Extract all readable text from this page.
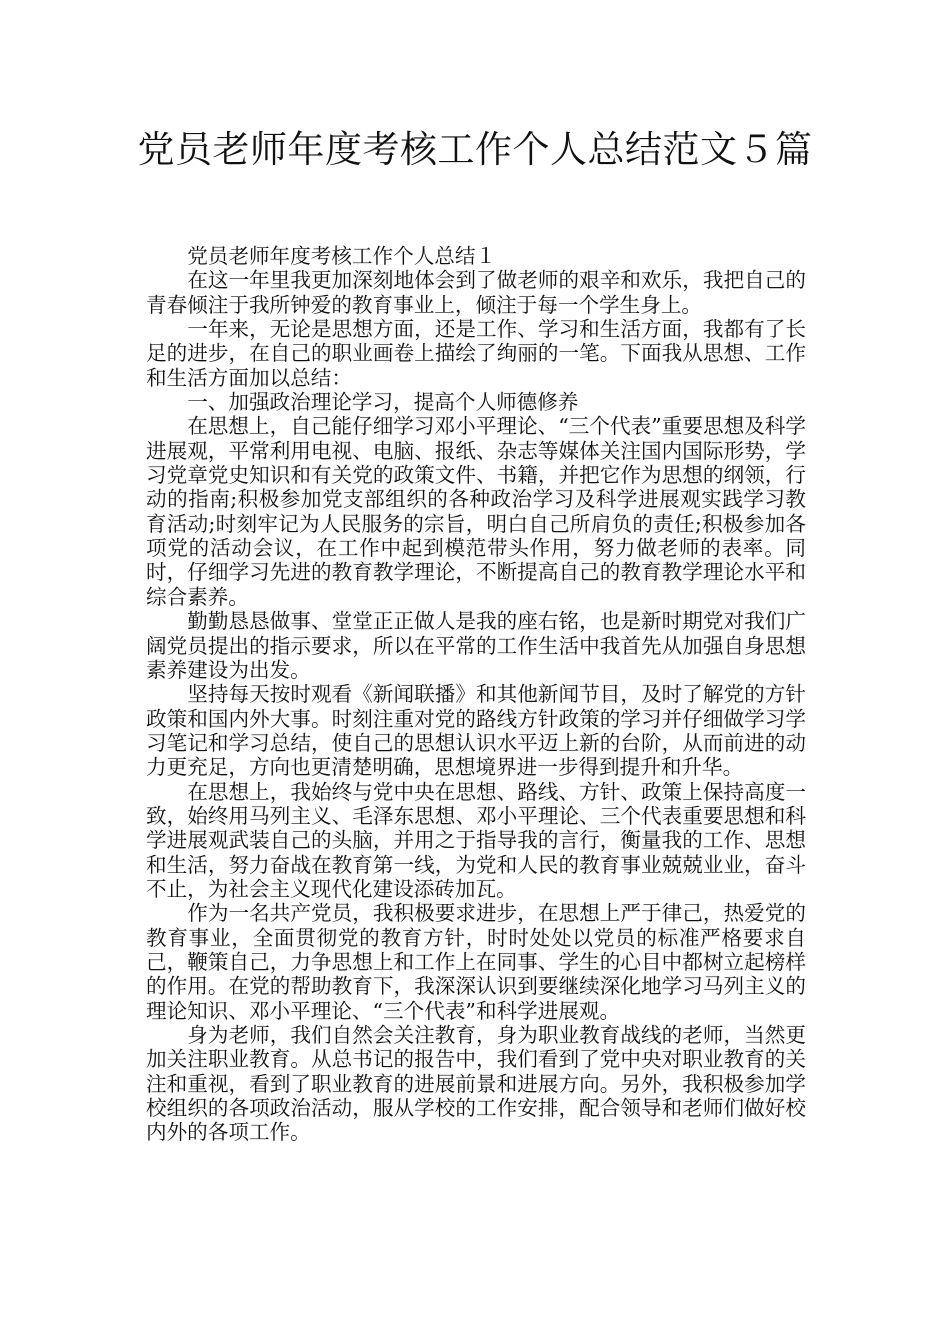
党员老师年度考核工作个人总结范文５篇

党员老师年度考核工作个人总结１

在这一年里我更加深刻地体会到了做老师的艰辛和欢乐，我把自己的青春倾注于我所钟爱的教育事业上，倾注于每一个学生身上。

一年来，无论是思想方面，还是工作、学习和生活方面，我都有了长足的进步，在自己的职业画卷上描绘了绚丽的一笔。下面我从思想、工作和生活方面加以总结：

一、加强政治理论学习，提高个人师德修养

在思想上，自己能仔细学习邓小平理论、“三个代表”重要思想及科学进展观，平常利用电视、电脑、报纸、杂志等媒体关注国内国际形势，学习党章党史知识和有关党的政策文件、书籍，并把它作为思想的纲领，行动的指南;积极参加党支部组织的各种政治学习及科学进展观实践学习教育活动;时刻牢记为人民服务的宗旨，明白自己所肩负的责任;积极参加各项党的活动会议，在工作中起到模范带头作用，努力做老师的表率。同时，仔细学习先进的教育教学理论，不断提高自己的教育教学理论水平和综合素养。

勤勤恳恳做事、堂堂正正做人是我的座右铭，也是新时期党对我们广阔党员提出的指示要求，所以在平常的工作生活中我首先从加强自身思想素养建设为出发。

坚持每天按时观看《新闻联播》和其他新闻节目，及时了解党的方针政策和国内外大事。时刻注重对党的路线方针政策的学习并仔细做学习学习笔记和学习总结，使自己的思想认识水平迈上新的台阶，从而前进的动力更充足，方向也更清楚明确，思想境界进一步得到提升和升华。

在思想上，我始终与党中央在思想、路线、方针、政策上保持高度一致，始终用马列主义、毛泽东思想、邓小平理论、三个代表重要思想和科学进展观武装自己的头脑，并用之于指导我的言行，衡量我的工作、思想和生活，努力奋战在教育第一线，为党和人民的教育事业兢兢业业，奋斗不止，为社会主义现代化建设添砖加瓦。

作为一名共产党员，我积极要求进步，在思想上严于律己，热爱党的教育事业，全面贯彻党的教育方针，时时处处以党员的标准严格要求自己，鞭策自己，力争思想上和工作上在同事、学生的心目中都树立起榜样的作用。在党的帮助教育下，我深深认识到要继续深化地学习马列主义的理论知识、邓小平理论、“三个代表”和科学进展观。

身为老师，我们自然会关注教育，身为职业教育战线的老师，当然更加关注职业教育。从总书记的报告中，我们看到了党中央对职业教育的关注和重视，看到了职业教育的进展前景和进展方向。另外，我积极参加学校组织的各项政治活动，服从学校的工作安排，配合领导和老师们做好校内外的各项工作。
